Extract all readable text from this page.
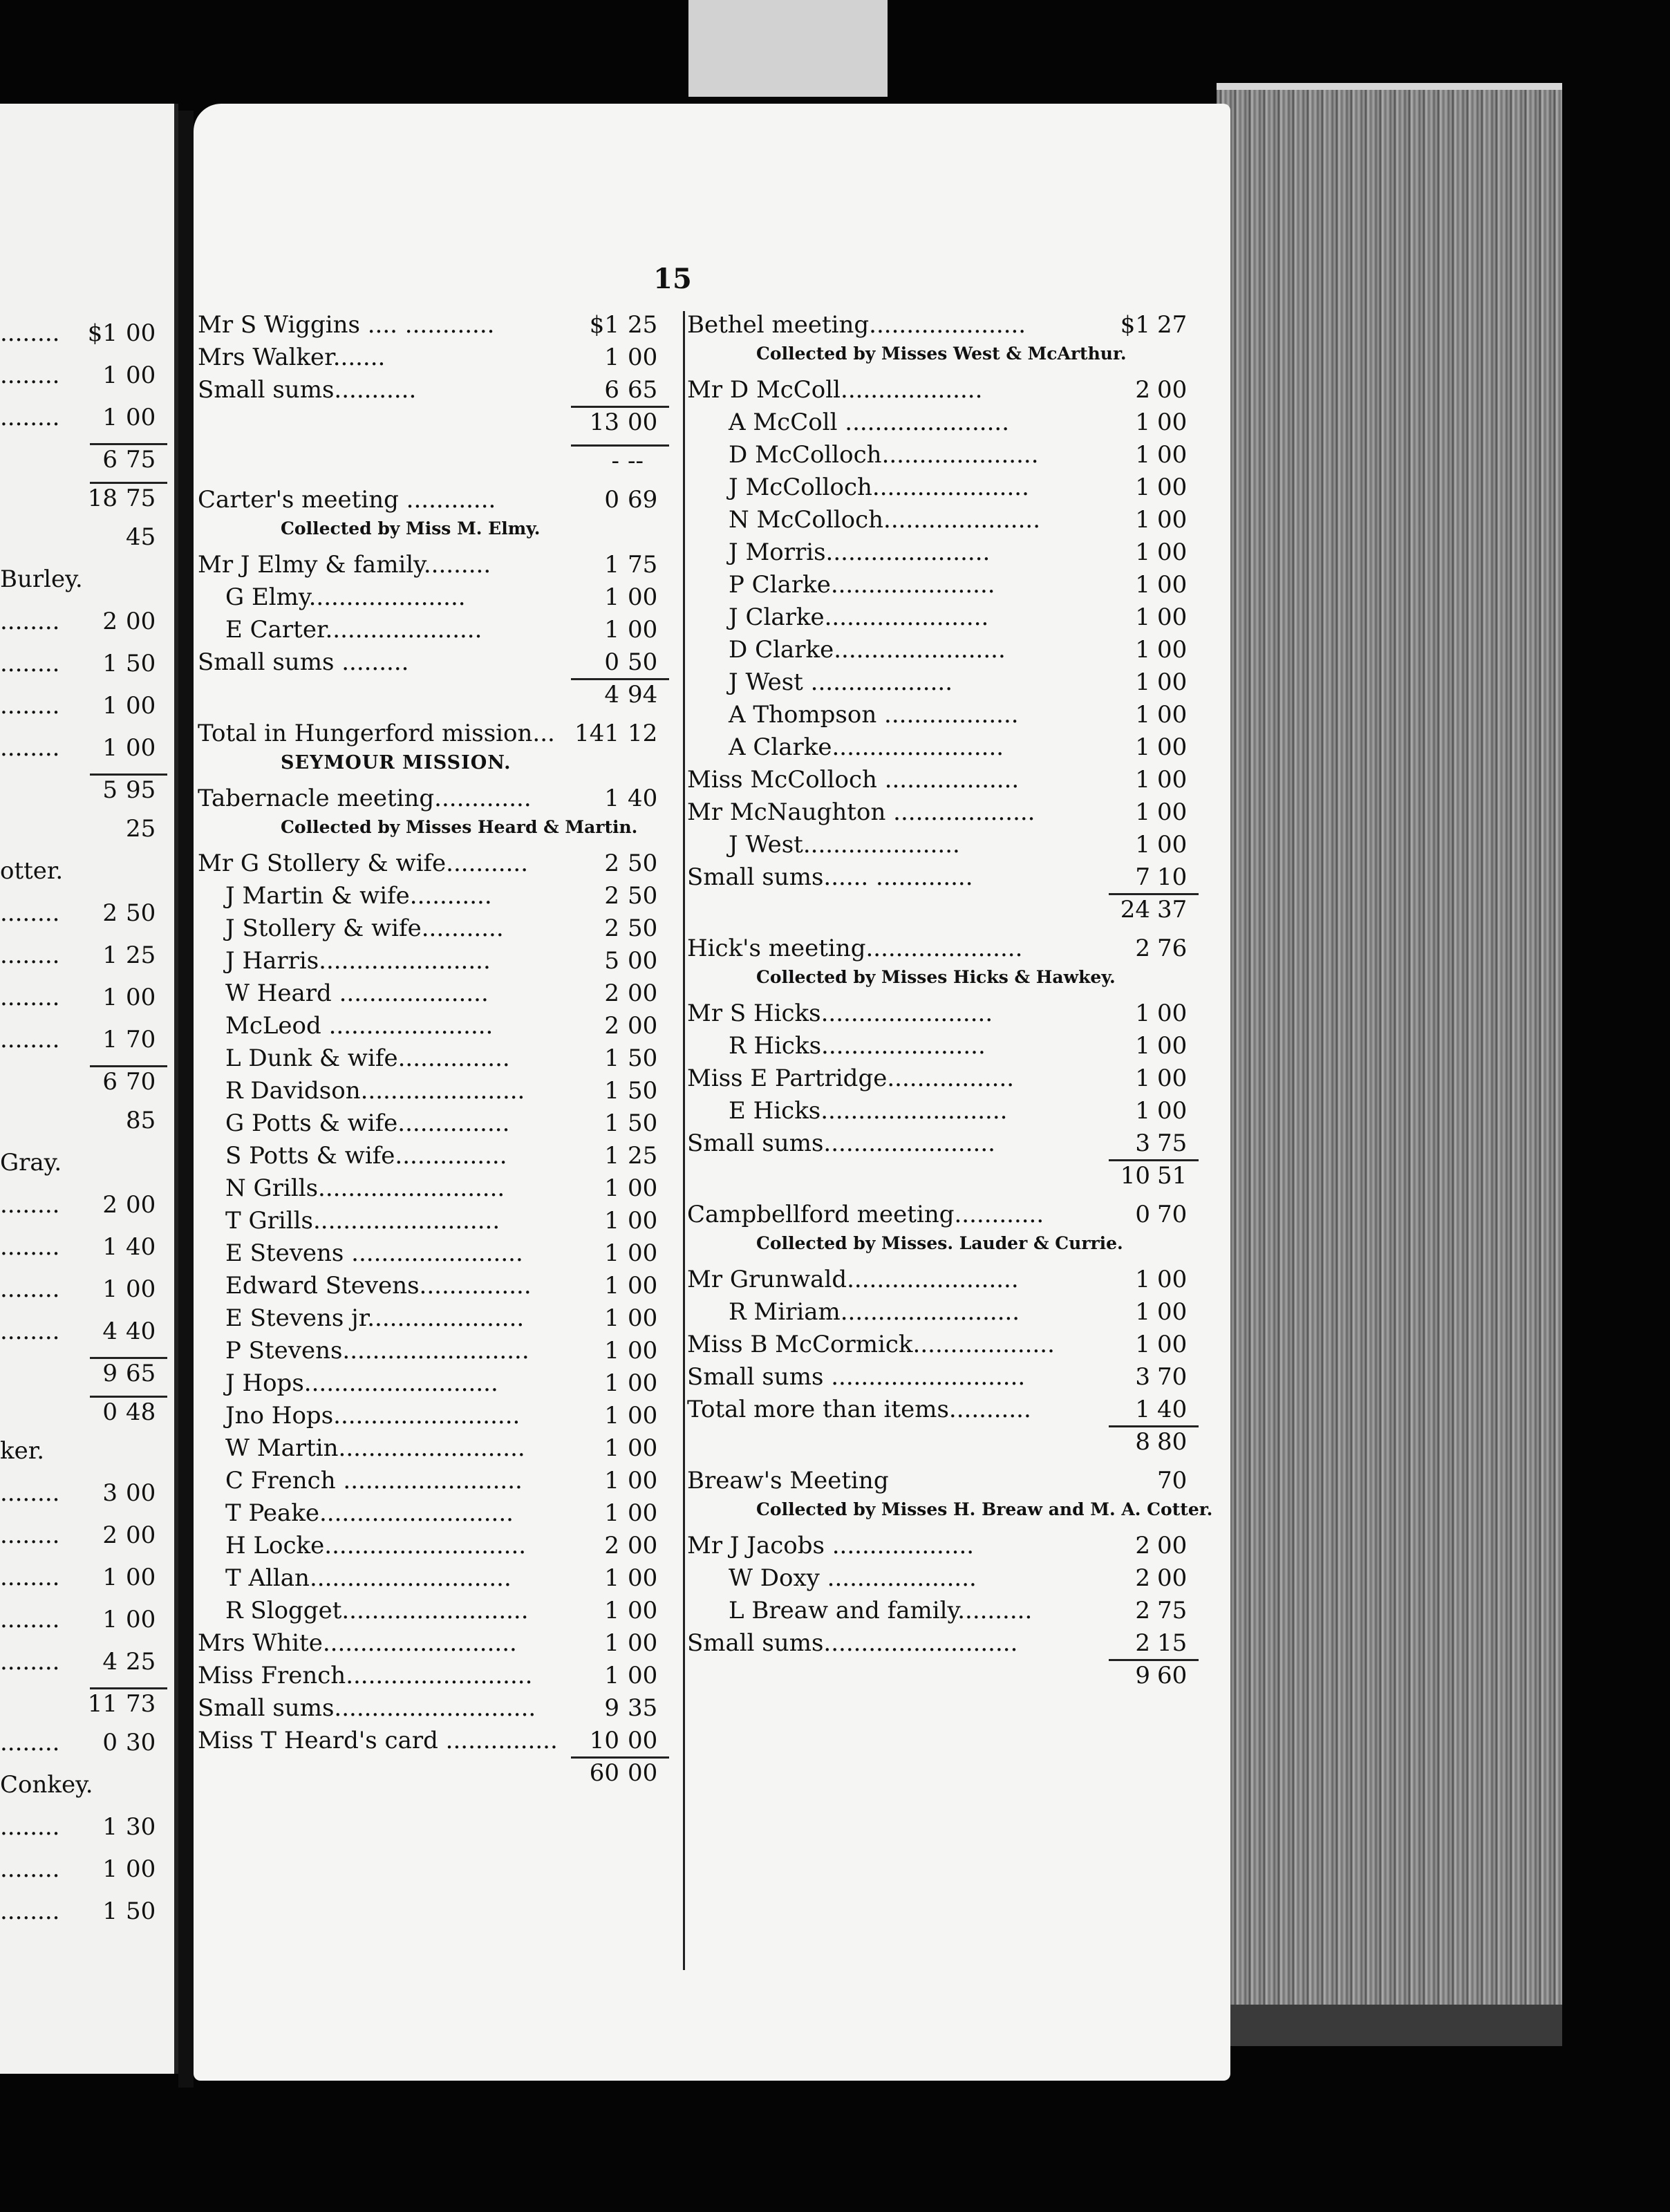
15
........ $1 00
........	1 00
........	1 00
6 75
18 75
45
Burley.
........	2 00
........	1 50
........	1 00
........	1 00
5 95
25
otter.
........	2 50
........	1 25
........	1 00
........	1 70
6 70
85
Gray.
........	2 00
........	1 40
........	1 00
........	4 40
9 65
0 48
ker.
........	3 00
........	2 00
........	1 00
........	1 00
........	4 25
11 73
........	0 30
Conkey.
........	1 30
........	1 00
........	1 50
Mr S Wiggins .... ............	$1 25
Mrs Walker.......	1 00
Small sums...........	6 65
13 00
- --
Carter's meeting ............	0 69
Collected by Miss M. Elmy.
Mr J Elmy & family.........	1 75
G Elmy.....................	1 00
E Carter.....................	1 00
Small sums .........	0 50
4 94
Total in Hungerford mission... 141 12
SEYMOUR MISSION.
Tabernacle meeting.............	1 40
Collected by Misses Heard & Martin.
Mr G Stollery & wife...........	2 50
J Martin & wife...........	2 50
J Stollery & wife...........	2 50
J Harris.......................	5 00
W Heard ....................	2 00
McLeod ......................	2 00
L Dunk & wife...............	1 50
R Davidson......................	1 50
G Potts & wife...............	1 50
S Potts & wife...............	1 25
N Grills.........................	1 00
T Grills.........................	1 00
E Stevens .......................	1 00
Edward Stevens...............	1 00
E Stevens jr.....................	1 00
P Stevens.........................	1 00
J Hops..........................	1 00
Jno Hops.........................	1 00
W Martin.........................	1 00
C French ........................	1 00
T Peake..........................	1 00
H Locke...........................	2 00
T Allan...........................	1 00
R Slogget.........................	1 00
Mrs White..........................	1 00
Miss French.........................	1 00
Small sums...........................	9 35
Miss T Heard's card ...............	10 00
60 00
Bethel meeting.....................	$1 27
Collected by Misses West & McArthur.
Mr D McColl...................	2 00
A McColl ......................	1 00
D McColloch.....................	1 00
J McColloch.....................	1 00
N McColloch.....................	1 00
J Morris......................	1 00
P Clarke......................	1 00
J Clarke......................	1 00
D Clarke.......................	1 00
J West ...................	1 00
A Thompson ..................	1 00
A Clarke.......................	1 00
Miss McColloch ..................	1 00
Mr McNaughton ...................	1 00
J West.....................	1 00
Small sums...... .............	7 10
24 37
Hick's meeting.....................	2 76
Collected by Misses Hicks & Hawkey.
Mr S Hicks.......................	1 00
R Hicks......................	1 00
Miss E Partridge.................	1 00
E Hicks.........................	1 00
Small sums.......................	3 75
10 51
Campbellford meeting............	0 70
Collected by Misses. Lauder & Currie.
Mr Grunwald.......................	1 00
R Miriam........................	1 00
Miss B McCormick...................	1 00
Small sums ..........................	3 70
Total more than items...........	1 40
8 80
Breaw's Meeting	70
Collected by Misses H. Breaw and M. A. Cotter.
Mr J Jacobs ...................	2 00
W Doxy ....................	2 00
L Breaw and family..........	2 75
Small sums..........................	2 15
9 60
